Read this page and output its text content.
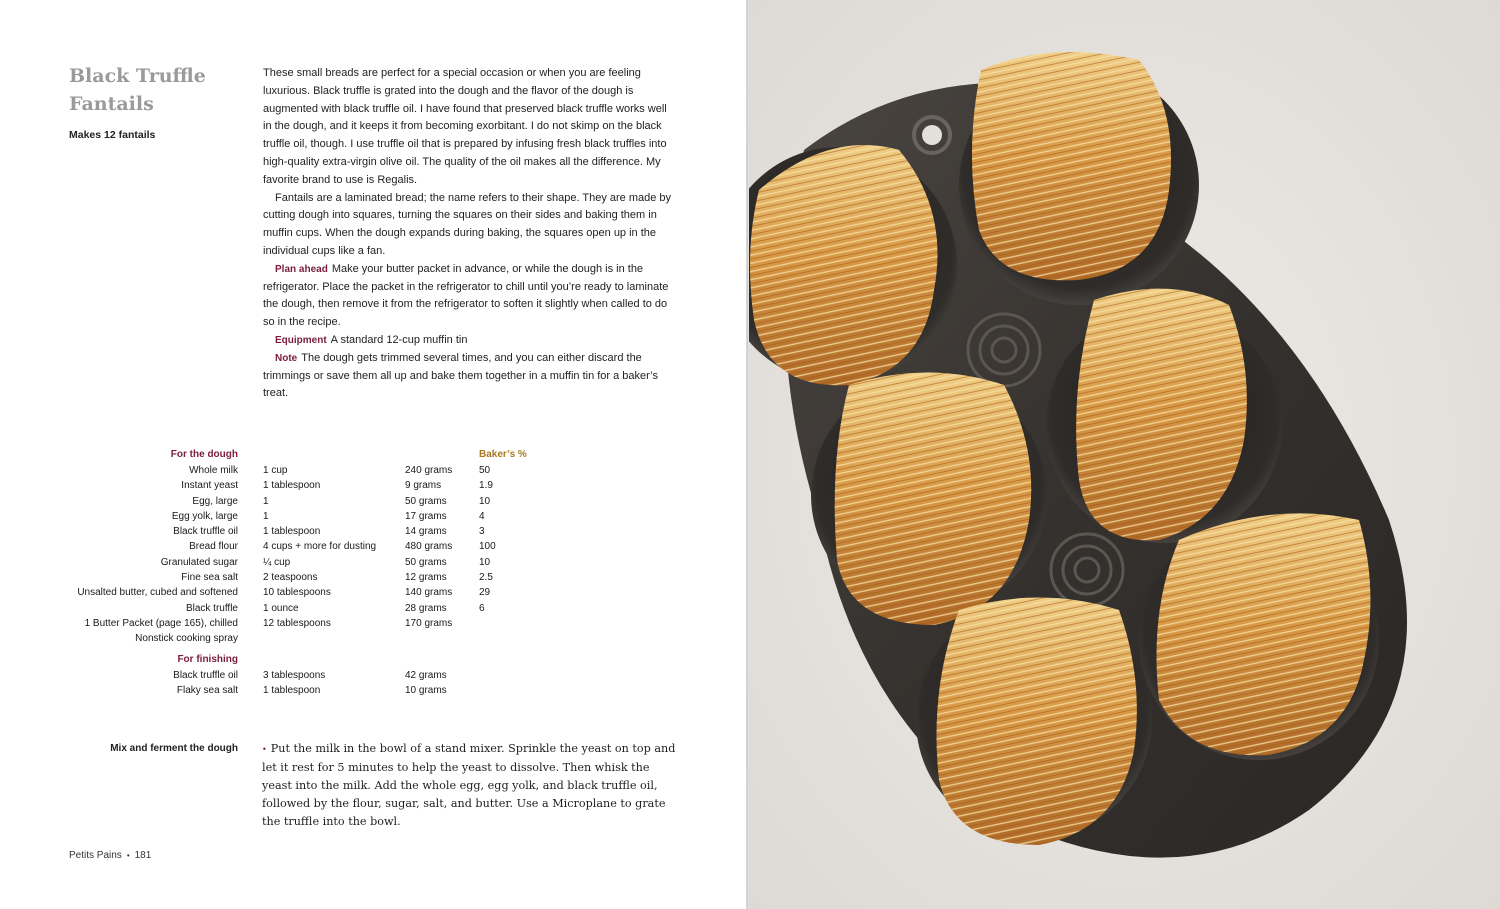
Black Truffle
Fantails
Makes 12 fantails

These small breads are perfect for a special occasion or when you are feeling luxurious. Black truffle is grated into the dough and the flavor of the dough is augmented with black truffle oil. I have found that preserved black truffle works well in the dough, and it keeps it from becoming exorbitant. I do not skimp on the black truffle oil, though. I use truffle oil that is prepared by infusing fresh black truffles into high-quality extra-virgin olive oil. The quality of the oil makes all the difference. My favorite brand to use is Regalis.

Fantails are a laminated bread; the name refers to their shape. They are made by cutting dough into squares, turning the squares on their sides and baking them in muffin cups. When the dough expands during baking, the squares open up in the individual cups like a fan.

Plan ahead Make your butter packet in advance, or while the dough is in the refrigerator. Place the packet in the refrigerator to chill until you’re ready to laminate the dough, then remove it from the refrigerator to soften it slightly when called to do so in the recipe.

Equipment A standard 12-cup muffin tin

Note The dough gets trimmed several times, and you can either discard the trimmings or save them all up and bake them together in a muffin tin for a baker’s treat.

For the dough	Baker’s %
Whole milk	1 cup	240 grams	50
Instant yeast	1 tablespoon	9 grams	1.9
Egg, large	1	50 grams	10
Egg yolk, large	1	17 grams	4
Black truffle oil	1 tablespoon	14 grams	3
Bread flour	4 cups + more for dusting	480 grams	100
Granulated sugar	¼ cup	50 grams	10
Fine sea salt	2 teaspoons	12 grams	2.5
Unsalted butter, cubed and softened	10 tablespoons	140 grams	29
Black truffle	1 ounce	28 grams	6
1 Butter Packet (page 165), chilled	12 tablespoons	170 grams
Nonstick cooking spray
For finishing
Black truffle oil	3 tablespoons	42 grams
Flaky sea salt	1 tablespoon	10 grams
Mix and ferment the dough	• Put the milk in the bowl of a stand mixer. Sprinkle the yeast on top and let it rest for 5 minutes to help the yeast to dissolve. Then whisk the yeast into the milk. Add the whole egg, egg yolk, and black truffle oil, followed by the flour, sugar, salt, and butter. Use a Microplane to grate the truffle into the bowl.
Petits Pains • 181
